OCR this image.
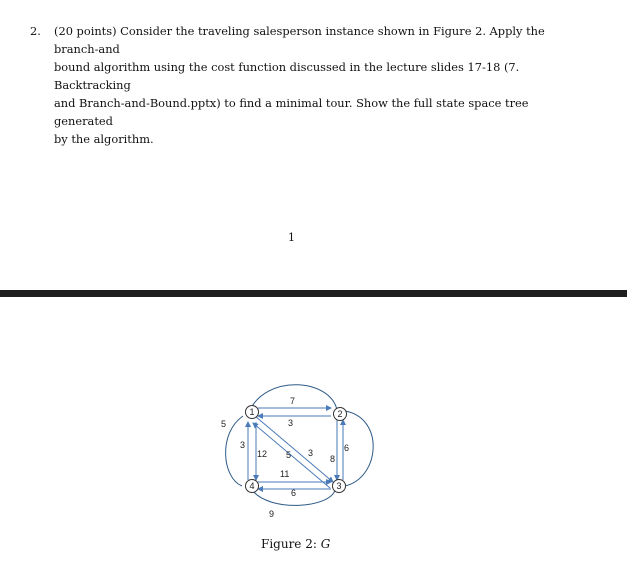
2. (20 points) Consider the traveling salesperson instance shown in Figure 2. Apply the branch-and
bound algorithm using the cost function discussed in the lecture slides 17-18 (7. Backtracking
and Branch-and-Bound.pptx) to find a minimal tour. Show the full state space tree generated
by the algorithm.
1
1	2
3
4
7
3
5 3
12
5
3
8
6
11
6
9
Figure 2: G
